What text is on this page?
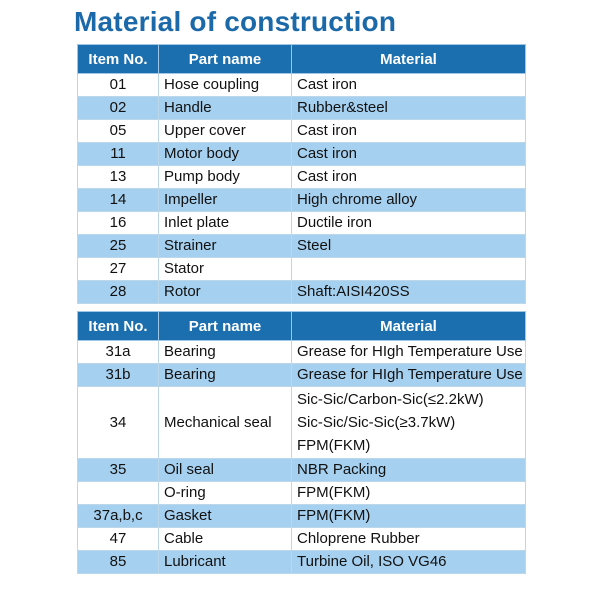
Material of construction
Item No.	Part name	Material
01	Hose coupling	Cast iron
02	Handle	Rubber&steel
05	Upper cover	Cast iron
11	Motor body	Cast iron
13	Pump body	Cast iron
14	Impeller	High chrome alloy
16	Inlet plate	Ductile iron
25	Strainer	Steel
27	Stator	
28	Rotor	Shaft:AISI420SS
Item No.	Part name	Material
31a	Bearing	Grease for HIgh Temperature Use
31b	Bearing	Grease for HIgh Temperature Use
34	Mechanical seal	Sic-Sic/Carbon-Sic(≤2.2kW)
Sic-Sic/Sic-Sic(≥3.7kW)
FPM(FKM)

35	Oil seal	NBR Packing
	O-ring	FPM(FKM)
37a,b,c	Gasket	FPM(FKM)
47	Cable	Chloprene Rubber
85	Lubricant	Turbine Oil, ISO VG46
